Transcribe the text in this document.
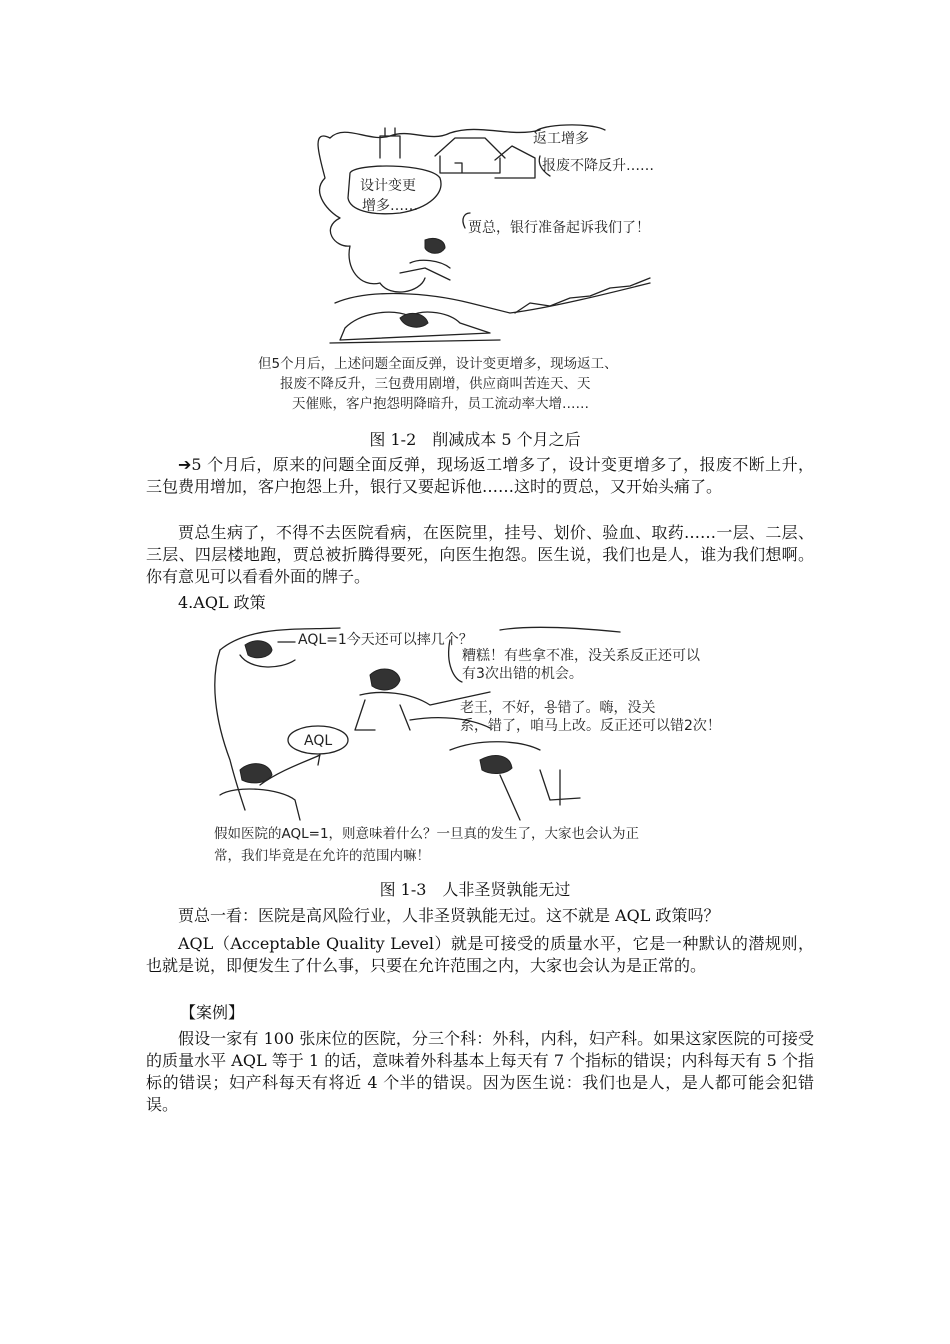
返工增多
报废不降反升……
设计变更
增多……
贾总，银行准备起诉我们了！
但5个月后，上述问题全面反弹，设计变更增多，现场返工、
报废不降反升，三包费用剧增，供应商叫苦连天、天
天催账，客户抱怨明降暗升，员工流动率大增……
图 1-2　削减成本 5 个月之后

➔5 个月后，原来的问题全面反弹，现场返工增多了，设计变更增多了，报废不断上升，三包费用增加，客户抱怨上升，银行又要起诉他……这时的贾总，又开始头痛了。

贾总生病了，不得不去医院看病，在医院里，挂号、划价、验血、取药……一层、二层、三层、四层楼地跑，贾总被折腾得要死，向医生抱怨。医生说，我们也是人，谁为我们想啊。你有意见可以看看外面的牌子。

4.AQL 政策
AQL=1今天还可以摔几个？
糟糕！有些拿不准，没关系反正还可以
有3次出错的机会。
老王，不好，용错了。嗨，没关
系，错了，咱马上改。反正还可以错2次！
AQL
假如医院的AQL=1，则意味着什么？一旦真的发生了，大家也会认为正
常，我们毕竟是在允许的范围内嘛！
图 1-3　人非圣贤孰能无过

贾总一看：医院是高风险行业，人非圣贤孰能无过。这不就是 AQL 政策吗？

AQL（Acceptable Quality Level）就是可接受的质量水平，它是一种默认的潜规则，也就是说，即便发生了什么事，只要在允许范围之内，大家也会认为是正常的。

【案例】

假设一家有 100 张床位的医院，分三个科：外科，内科，妇产科。如果这家医院的可接受的质量水平 AQL 等于 1 的话，意味着外科基本上每天有 7 个指标的错误；内科每天有 5 个指标的错误；妇产科每天有将近 4 个半的错误。因为医生说：我们也是人，是人都可能会犯错误。
